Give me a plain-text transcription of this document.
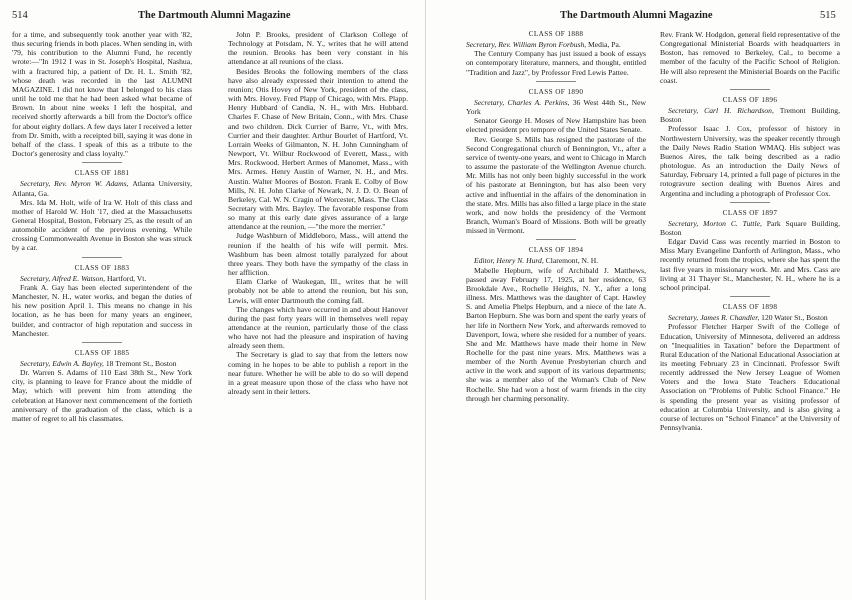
514	The Dartmouth Alumni Magazine

for a time, and subsequently took another year with '82, thus securing friends in both places. When sending in, with '79, his contribution to the Alumni Fund, he recently wrote:—"In 1912 I was in St. Joseph's Hospital, Nashua, with a fractured hip, a patient of Dr. H. L. Smith '82, whose death was recorded in the last ALUMNI MAGAZINE. I did not know that I belonged to his class until he told me that he had been asked what became of Brown. In about nine weeks I left the hospital, and received shortly afterwards a bill from the Doctor's office for about eighty dollars. A few days later I received a letter from Dr. Smith, with a receipted bill, saying it was done in behalf of the class. I speak of this as a tribute to the Doctor's generosity and class loyalty."

CLASS OF 1881

Secretary, Rev. Myron W. Adams, Atlanta University, Atlanta, Ga.

Mrs. Ida M. Holt, wife of Ira W. Holt of this class and mother of Harold W. Holt '17, died at the Massachusetts General Hospital, Boston, February 25, as the result of an automobile accident of the previous evening. While crossing Commonwealth Avenue in Boston she was struck by a car.

CLASS OF 1883

Secretary, Alfred E. Watson, Hartford, Vt.

Frank A. Gay has been elected superintendent of the Manchester, N. H., water works, and began the duties of his new position April 1. This means no change in his location, as he has been for many years an engineer, builder, and contractor of high reputation and success in Manchester.

CLASS OF 1885

Secretary, Edwin A. Bayley, 18 Tremont St., Boston

Dr. Warren S. Adams of 110 East 38th St., New York city, is planning to leave for France about the middle of May, which will prevent him from attending the celebration at Hanover next commencement of the fortieth anniversary of the graduation of the class, which is a matter of regret to all his classmates.

John P. Brooks, president of Clarkson College of Technology at Potsdam, N. Y., writes that he will attend the reunion. Brooks has been very constant in his attendance at all reunions of the class.

Besides Brooks the following members of the class have also already expressed their intention to attend the reunion; Otis Hovey of New York, president of the class, with Mrs. Hovey. Fred Plapp of Chicago, with Mrs. Plapp. Henry Hubbard of Candia, N. H., with Mrs. Hubbard. Charles F. Chase of New Britain, Conn., with Mrs. Chase and two children. Dick Currier of Barre, Vt., with Mrs. Currier and their daughter. Arthur Bourlet of Hartford, Vt. Lorrain Weeks of Gilmanton, N. H. John Cunningham of Newport, Vt. Wilbur Rockwood of Everett, Mass., with Mrs. Rockwood. Herbert Armes of Manomet, Mass., with Mrs. Armes. Henry Austin of Warner, N. H., and Mrs. Austin. Walter Moores of Boston. Frank E. Colby of Bow Mills, N. H. John Clarke of Newark, N. J. D. O. Bean of Berkeley, Cal. W. N. Cragin of Worcester, Mass. The Class Secretary with Mrs. Bayley. The favorable response from so many at this early date gives assurance of a large attendance at the reunion, —"the more the merrier."

Judge Washburn of Middleboro, Mass., will attend the reunion if the health of his wife will permit. Mrs. Washburn has been almost totally paralyzed for about three years. They both have the sympathy of the class in her affliction.

Elam Clarke of Waukegan, Ill., writes that he will probably not be able to attend the reunion, but his son, Lewis, will enter Dartmouth the coming fall.

The changes which have occurred in and about Hanover during the past forty years will in themselves well repay attendance at the reunion, particularly those of the class who have not had the pleasure and inspiration of having already seen them.

The Secretary is glad to say that from the letters now coming in he hopes to be able to publish a report in the near future. Whether he will be able to do so will depend in a great measure upon those of the class who have not already sent in their letters.

The Dartmouth Alumni Magazine	515
CLASS OF 1888

Secretary, Rev. William Byron Forbush, Media, Pa.

The Century Company has just issued a book of essays on contemporary literature, manners, and thought, entitled "Tradition and Jazz", by Professor Fred Lewis Pattee.

CLASS OF 1890

Secretary, Charles A. Perkins, 36 West 44th St., New York

Senator George H. Moses of New Hampshire has been elected president pro tempore of the United States Senate.

Rev. George S. Mills has resigned the pastorate of the Second Congregational church of Bennington, Vt., after a service of twenty-one years, and went to Chicago in March to assume the pastorate of the Wellington Avenue church. Mr. Mills has not only been highly successful in the work of his pastorate at Bennington, but has also been very active and influential in the affairs of the denomination in the state. Mrs. Mills has also filled a large place in the state work, and now holds the presidency of the Vermont Branch, Woman's Board of Missions. Both will be greatly missed in Vermont.

CLASS OF 1894

Editor, Henry N. Hurd, Claremont, N. H.

Mabelle Hepburn, wife of Archibald J. Matthews, passed away February 17, 1925, at her residence, 63 Brookdale Ave., Rochelle Heights, N. Y., after a long illness. Mrs. Matthews was the daughter of Capt. Hawley S. and Amelia Phelps Hepburn, and a niece of the late A. Barton Hepburn. She was born and spent the early years of her life in Northern New York, and afterwards removed to Davenport, Iowa, where she resided for a number of years. She and Mr. Matthews have made their home in New Rochelle for the past nine years. Mrs. Matthews was a member of the North Avenue Presbyterian church and active in the work and support of its various departments; she was a member also of the Woman's Club of New Rochelle. She had won a host of warm friends in the city through her charming personality.

Rev. Frank W. Hodgdon, general field representative of the Congregational Ministerial Boards with headquarters in Boston, has removed to Berkeley, Cal., to become a member of the faculty of the Pacific School of Religion. He will also represent the Ministerial Boards on the Pacific coast.

CLASS OF 1896

Secretary, Carl H. Richardson, Tremont Building, Boston

Professor Isaac J. Cox, professor of history in Northwestern University, was the speaker recently through the Daily News Radio Station WMAQ. His subject was Buenos Aires, the talk being described as a radio photologue. As an introduction the Daily News of Saturday, February 14, printed a full page of pictures in the rotogravure section dealing with Buenos Aires and Argentina and including a photograph of Professor Cox.

CLASS OF 1897

Secretary, Morton C. Tuttle, Park Square Building, Boston

Edgar David Cass was recently married in Boston to Miss Mary Evangeline Danforth of Arlington, Mass., who recently returned from the tropics, where she has spent the last five years in missionary work. Mr. and Mrs. Cass are living at 31 Thayer St., Manchester, N. H., where he is a school principal.

CLASS OF 1898

Secretary, James R. Chandler, 120 Water St., Boston

Professor Fletcher Harper Swift of the College of Education, University of Minnesota, delivered an address on "Inequalities in Taxation" before the Department of Rural Education of the National Educational Association at its meeting February 23 in Cincinnati. Professor Swift recently addressed the New Jersey League of Women Voters and the Iowa State Teachers Educational Association on "Problems of Public School Finance." He is spending the present year as visiting professor of education at Columbia University, and is also giving a course of lectures on "School Finance" at the University of Pennsylvania.
